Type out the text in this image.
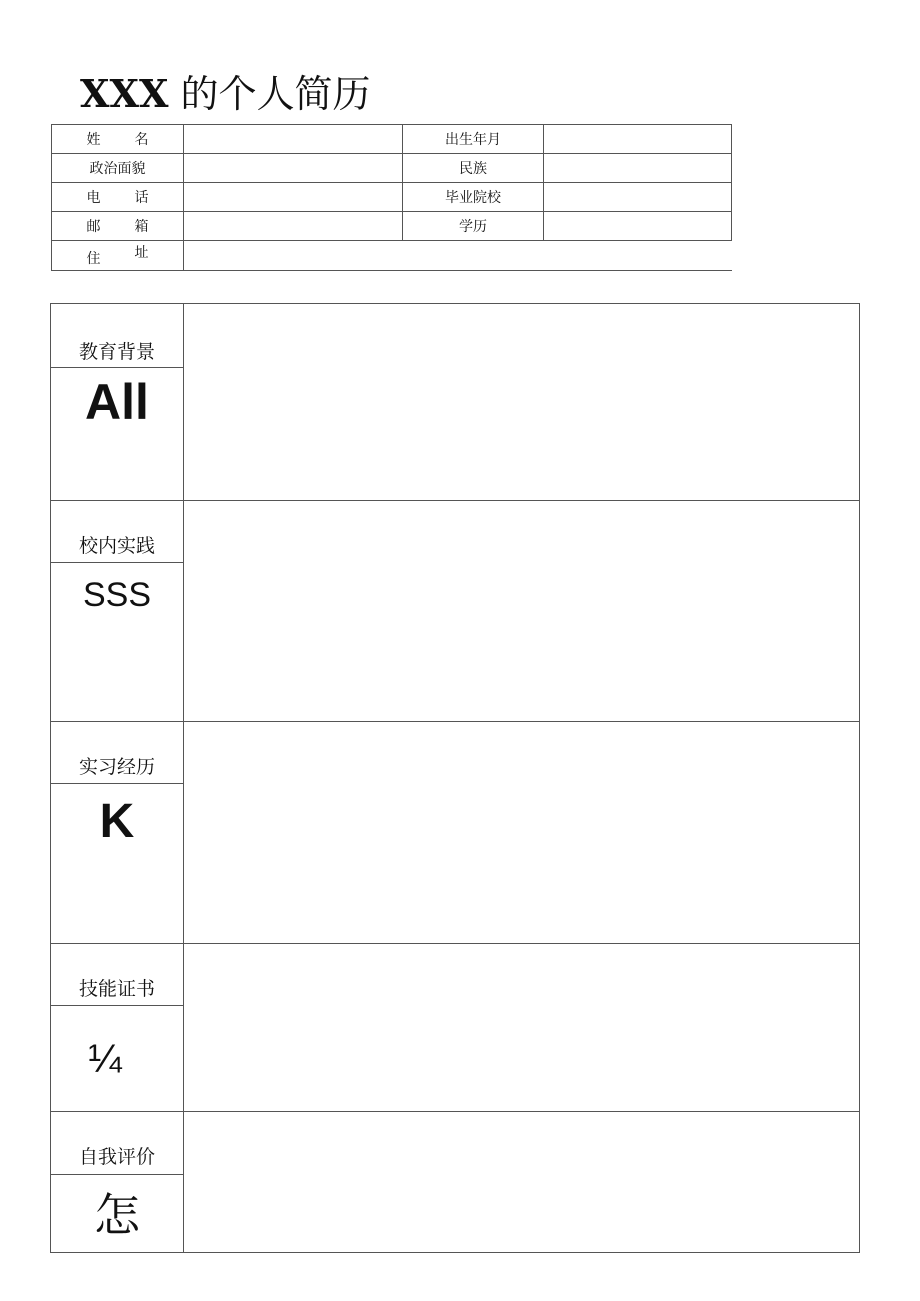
XXX 的个人简历
姓 名	出生年月
政治面貌	民族
电 话	毕业院校
邮 箱	学历
住 址
教育背景
All
校内实践
SSS
实习经历
K
技能证书
¼
自我评价
怎
